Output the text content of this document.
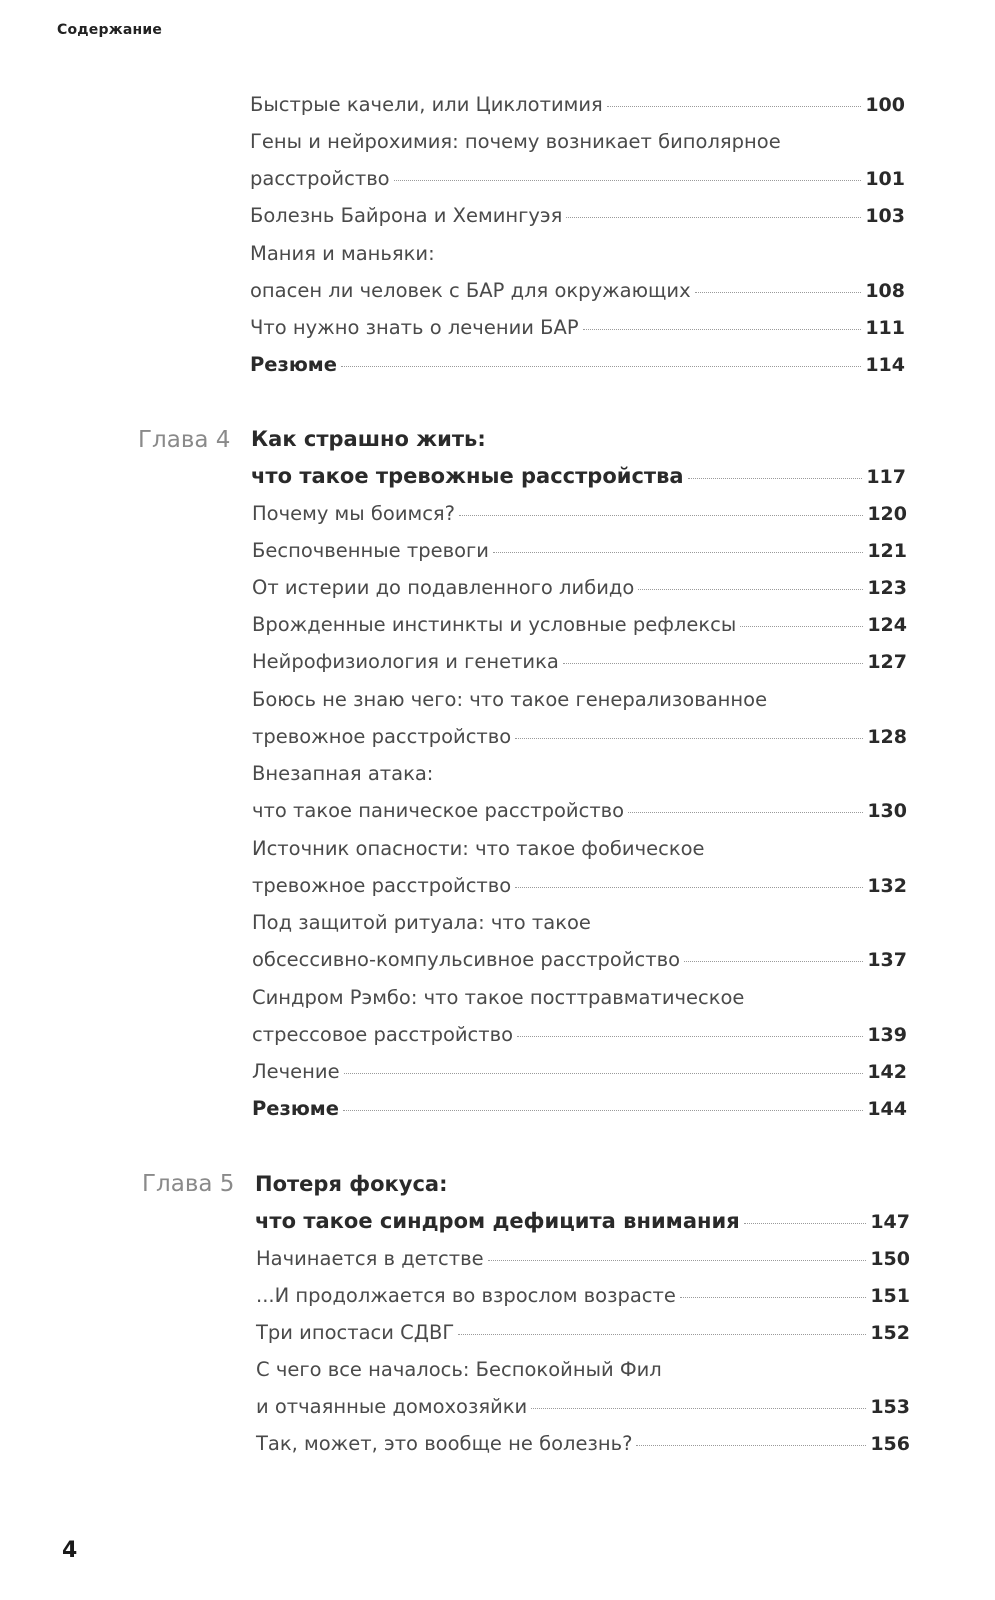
Содержание
Быстрые качели, или Циклотимия	100
Гены и нейрохимия: почему возникает биполярное
расстройство	101
Болезнь Байрона и Хемингуэя	103
Мания и маньяки:
опасен ли человек с БАР для окружающих	108
Что нужно знать о лечении БАР	111
Резюме	114
Глава 4 Как страшно жить:
что такое тревожные расстройства	117
Почему мы боимся?	120
Беспочвенные тревоги	121
От истерии до подавленного либидо	123
Врожденные инстинкты и условные рефлексы	124
Нейрофизиология и генетика	127
Боюсь не знаю чего: что такое генерализованное
тревожное расстройство	128
Внезапная атака:
что такое паническое расстройство	130
Источник опасности: что такое фобическое
тревожное расстройство	132
Под защитой ритуала: что такое
обсессивно-компульсивное расстройство	137
Синдром Рэмбо: что такое посттравматическое
стрессовое расстройство	139
Лечение	142
Резюме	144
Глава 5 Потеря фокуса:
что такое синдром дефицита внимания	147
Начинается в детстве	150
...И продолжается во взрослом возрасте	151
Три ипостаси СДВГ	152
С чего все началось: Беспокойный Фил
и отчаянные домохозяйки	153
Так, может, это вообще не болезнь?	156
4
